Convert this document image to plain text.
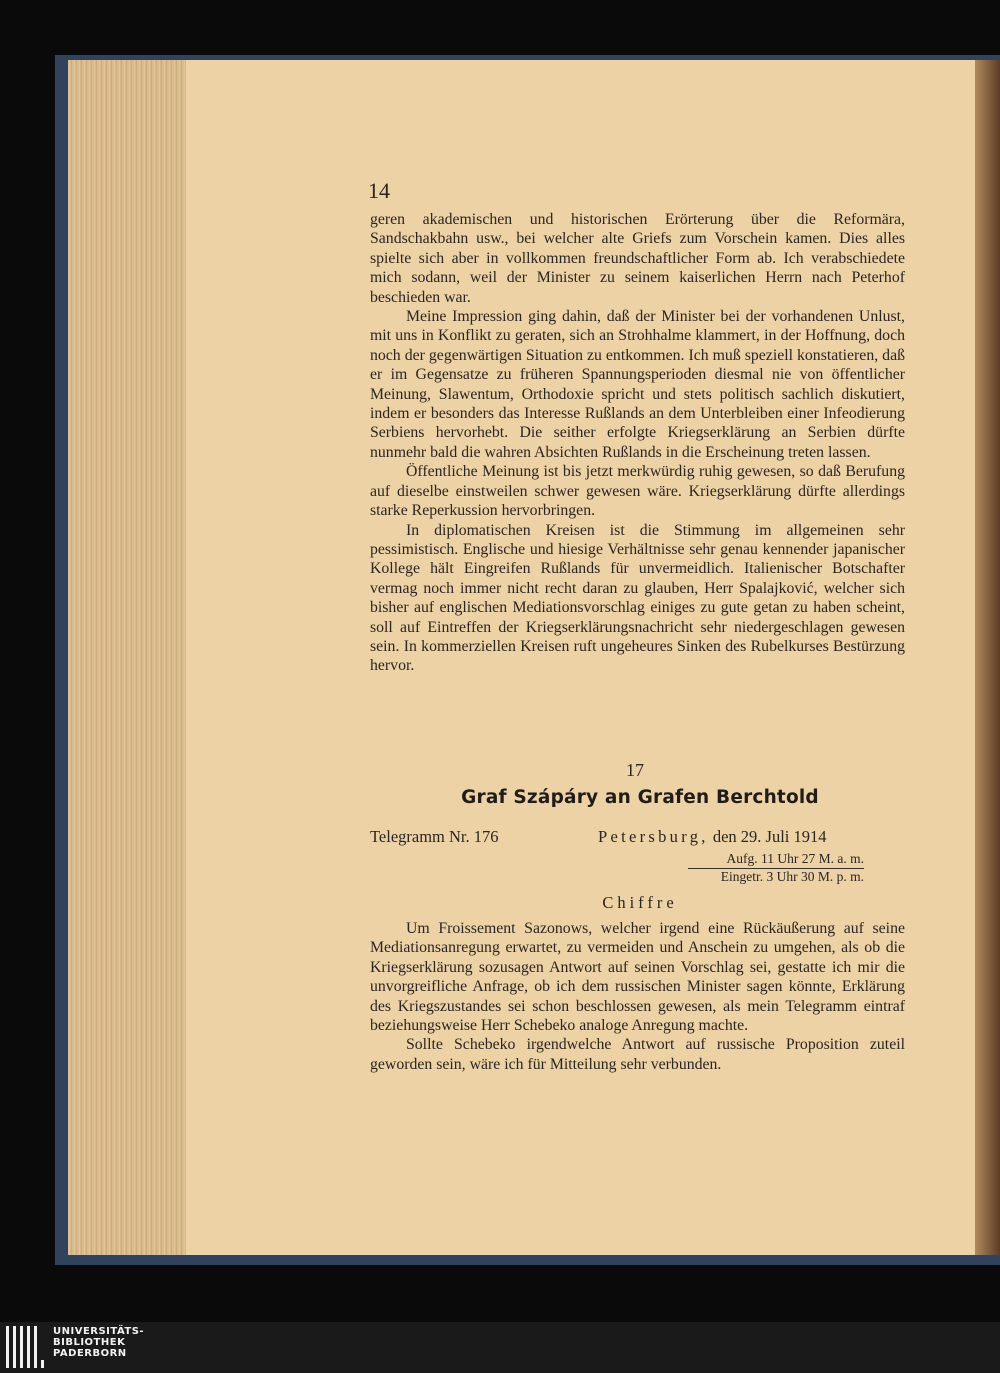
14

geren akademischen und historischen Erörterung über die Reformära, Sandschakbahn usw., bei welcher alte Griefs zum Vorschein kamen. Dies alles spielte sich aber in vollkommen freundschaftlicher Form ab. Ich verabschiedete mich sodann, weil der Minister zu seinem kaiserlichen Herrn nach Peterhof beschieden war.

Meine Impression ging dahin, daß der Minister bei der vorhandenen Unlust, mit uns in Konflikt zu geraten, sich an Strohhalme klammert, in der Hoffnung, doch noch der gegenwärtigen Situation zu entkommen. Ich muß speziell konstatieren, daß er im Gegensatze zu früheren Spannungsperioden diesmal nie von öffentlicher Meinung, Slawentum, Orthodoxie spricht und stets politisch sachlich diskutiert, indem er besonders das Interesse Rußlands an dem Unterbleiben einer Infeodierung Serbiens hervorhebt. Die seither erfolgte Kriegserklärung an Serbien dürfte nunmehr bald die wahren Absichten Rußlands in die Erscheinung treten lassen.

Öffentliche Meinung ist bis jetzt merkwürdig ruhig gewesen, so daß Berufung auf dieselbe einstweilen schwer gewesen wäre. Kriegserklärung dürfte allerdings starke Reperkussion hervorbringen.

In diplomatischen Kreisen ist die Stimmung im allgemeinen sehr pessimistisch. Englische und hiesige Verhältnisse sehr genau kennender japanischer Kollege hält Eingreifen Rußlands für unvermeidlich. Italienischer Botschafter vermag noch immer nicht recht daran zu glauben, Herr Spalajković, welcher sich bisher auf englischen Mediationsvorschlag einiges zu gute getan zu haben scheint, soll auf Eintreffen der Kriegserklärungsnachricht sehr niedergeschlagen gewesen sein. In kommerziellen Kreisen ruft ungeheures Sinken des Rubelkurses Bestürzung hervor.

17
Graf Szápáry an Grafen Berchtold
Telegramm Nr. 176	Petersburg, den 29. Juli 1914
Aufg. 11 Uhr 27 M. a. m.
Eingetr. 3 Uhr 30 M. p. m.
Chiffre

Um Froissement Sazonows, welcher irgend eine Rückäußerung auf seine Mediationsanregung erwartet, zu vermeiden und Anschein zu umgehen, als ob die Kriegserklärung sozusagen Antwort auf seinen Vorschlag sei, gestatte ich mir die unvorgreifliche Anfrage, ob ich dem russischen Minister sagen könnte, Erklärung des Kriegszustandes sei schon beschlossen gewesen, als mein Telegramm eintraf beziehungsweise Herr Schebeko analoge Anregung machte.

Sollte Schebeko irgendwelche Antwort auf russische Proposition zuteil geworden sein, wäre ich für Mitteilung sehr verbunden.

UNIVERSITÄTS-
BIBLIOTHEK
PADERBORN
